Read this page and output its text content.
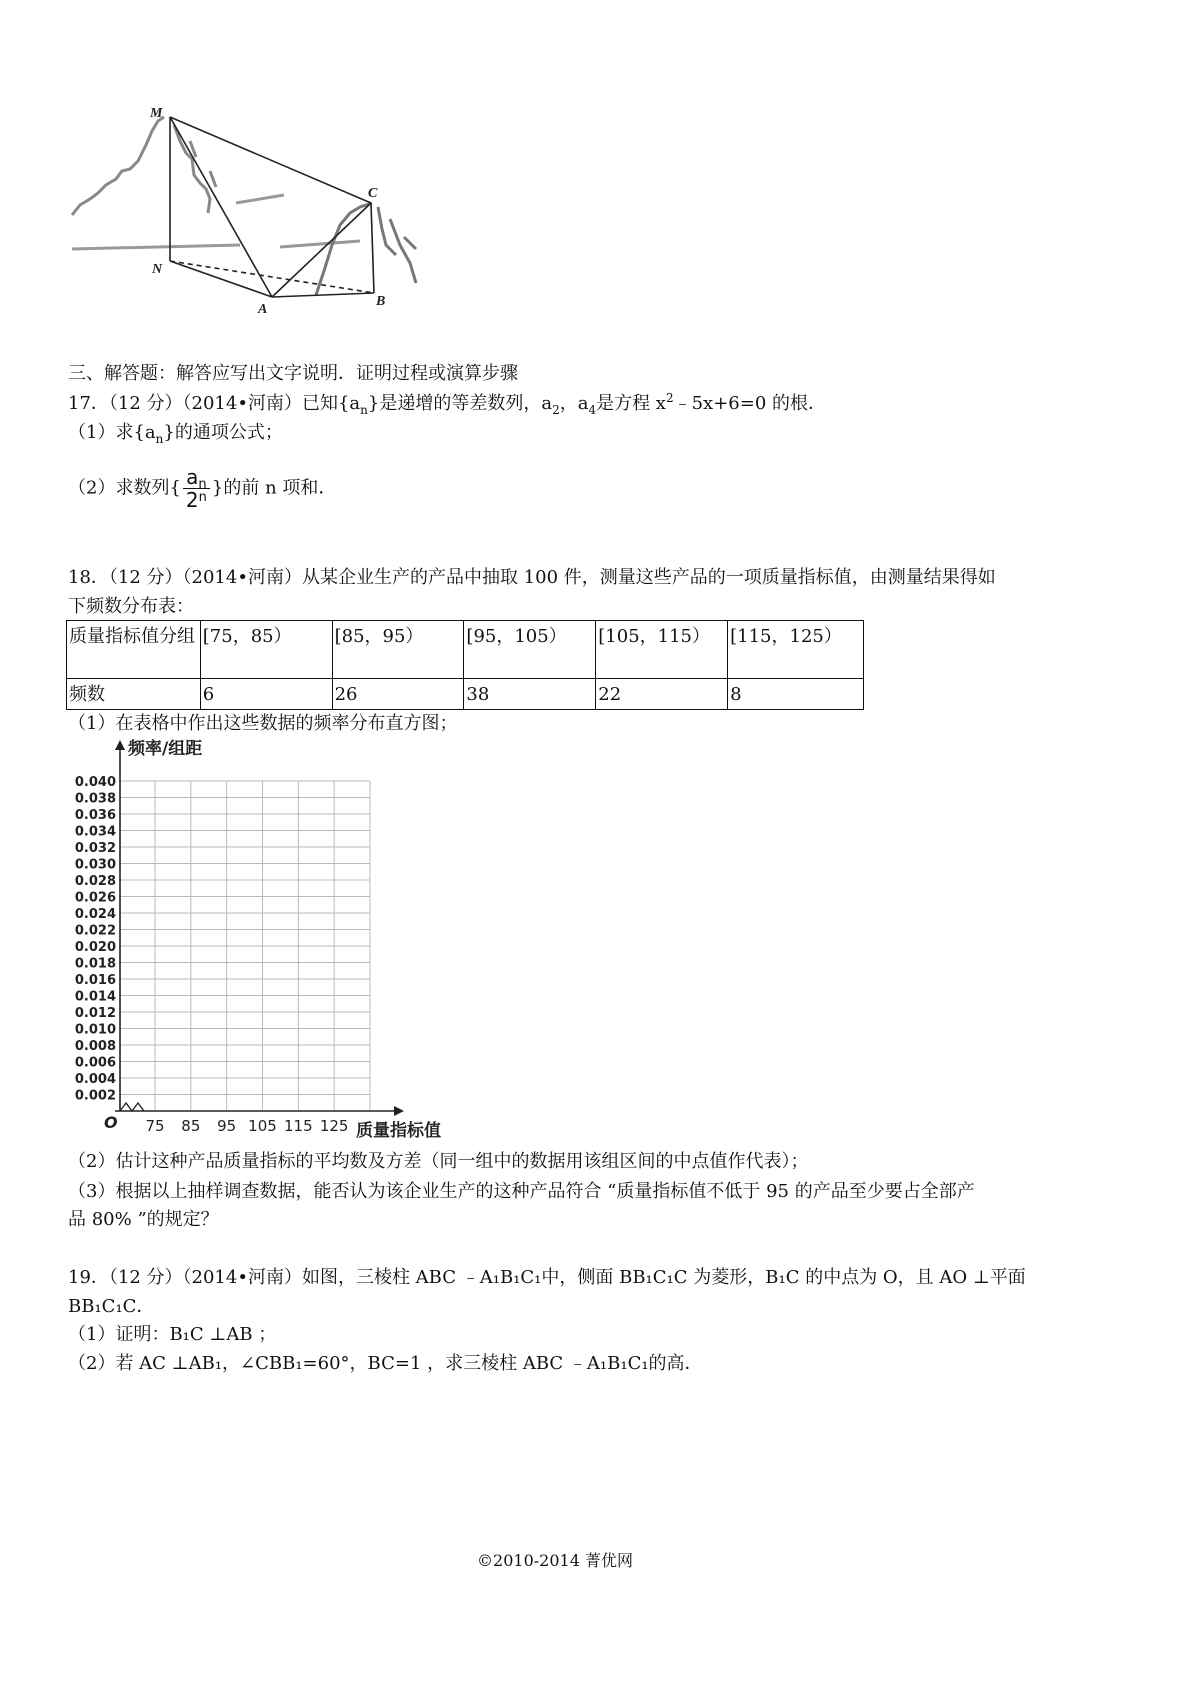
M
C
N
A
B
三、解答题：解答应写出文字说明．证明过程或演算步骤
17．（12 分）（2014•河南）已知$\{a_n\}$是递增的等差数列，$a_2$，$a_4$是方程 $x^2﹣5x+6=0$ 的根．
（1）求$\{a_n\}$的通项公式；
（2）求数列{ $\frac{a_n}{2^n}$ }的前 n 项和．
18．（12 分）（2014•河南）从某企业生产的产品中抽取 100 件，测量这些产品的一项质量指标值，由测量结果得如
下频数分布表：
质量指标值分组	[75，85）	[85，95）	[95，105）	[105，115）	[115，125）
频数	6	26	38	22	8
（1）在表格中作出这些数据的频率分布直方图；
0.002
0.004
0.006
0.008
0.010
0.012
0.014
0.016
0.018
0.020
0.022
0.024
0.026
0.028
0.030
0.032
0.034
0.036
0.038
0.040
75 85 95 105 115 125
频率/组距
质量指标值
O
（2）估计这种产品质量指标的平均数及方差（同一组中的数据用该组区间的中点值作代表）；
（3）根据以上抽样调查数据，能否认为该企业生产的这种产品符合 “质量指标值不低于 95 的产品至少要占全部产
品 80% ”的规定？
19．（12 分）（2014•河南）如图，三棱柱 ABC ﹣A₁B₁C₁中，侧面 BB₁C₁C 为菱形，B₁C 的中点为 O，且 AO ⊥平面
BB₁C₁C．
（1）证明：B₁C ⊥AB ；
（2）若 AC ⊥AB₁，∠CBB₁=60°，BC=1 ，求三棱柱 ABC ﹣A₁B₁C₁的高．
©2010-2014 菁优网
